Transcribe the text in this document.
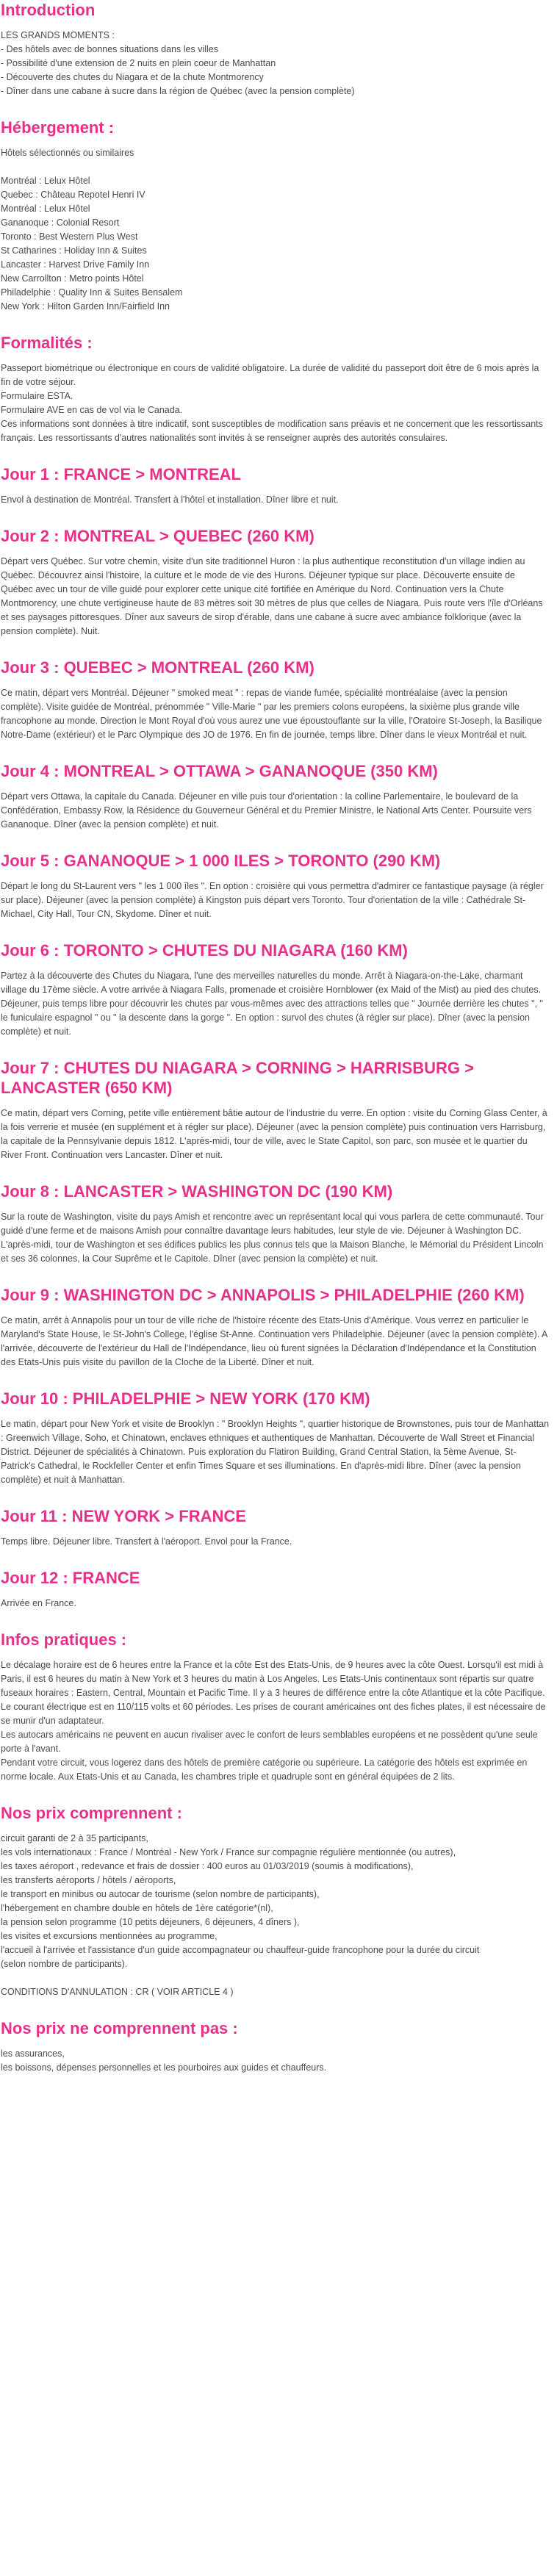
Introduction
LES GRANDS MOMENTS :
- Des hôtels avec de bonnes situations dans les villes
- Possibilité d'une extension de 2 nuits en plein coeur de Manhattan
- Découverte des chutes du Niagara et de la chute Montmorency
- Dîner dans une cabane à sucre dans la région de Québec (avec la pension complète)
Hébergement :
Hôtels sélectionnés ou similaires
Montréal : Lelux Hôtel
Quebec : Château Repotel Henri IV
Montréal : Lelux Hôtel
Gananoque : Colonial Resort
Toronto : Best Western Plus West
St Catharines : Holiday Inn & Suites
Lancaster : Harvest Drive Family Inn
New Carrollton : Metro points Hôtel
Philadelphie : Quality Inn & Suites Bensalem
New York : Hilton Garden Inn/Fairfield Inn
Formalités :

Passeport biométrique ou électronique en cours de validité obligatoire. La durée de validité du passeport doit être de 6 mois après la fin de votre séjour.

Formulaire ESTA.

Formulaire AVE en cas de vol via le Canada.

Ces informations sont données à titre indicatif, sont susceptibles de modification sans préavis et ne concernent que les ressortissants français. Les ressortissants d'autres nationalités sont invités à se renseigner auprès des autorités consulaires.

Jour 1 : FRANCE > MONTREAL

Envol à destination de Montréal. Transfert à l'hôtel et installation. Dîner libre et nuit.

Jour 2 : MONTREAL > QUEBEC (260 KM)

Départ vers Québec. Sur votre chemin, visite d'un site traditionnel Huron : la plus authentique reconstitution d'un village indien au Québec. Découvrez ainsi l'histoire, la culture et le mode de vie des Hurons. Déjeuner typique sur place. Découverte ensuite de Québec avec un tour de ville guidé pour explorer cette unique cité fortifiée en Amérique du Nord. Continuation vers la Chute Montmorency, une chute vertigineuse haute de 83 mètres soit 30 mètres de plus que celles de Niagara. Puis route vers l'île d'Orléans et ses paysages pittoresques. Dîner aux saveurs de sirop d'érable, dans une cabane à sucre avec ambiance folklorique (avec la pension complète). Nuit.

Jour 3 : QUEBEC > MONTREAL (260 KM)

Ce matin, départ vers Montréal. Déjeuner " smoked meat " : repas de viande fumée, spécialité montréalaise (avec la pension complète). Visite guidée de Montréal, prénommée " Ville-Marie " par les premiers colons européens, la sixième plus grande ville francophone au monde. Direction le Mont Royal d'où vous aurez une vue époustouflante sur la ville, l'Oratoire St-Joseph, la Basilique Notre-Dame (extérieur) et le Parc Olympique des JO de 1976. En fin de journée, temps libre. Dîner dans le vieux Montréal et nuit.

Jour 4 : MONTREAL > OTTAWA > GANANOQUE (350 KM)

Départ vers Ottawa, la capitale du Canada. Déjeuner en ville puis tour d'orientation : la colline Parlementaire, le boulevard de la Confédération, Embassy Row, la Résidence du Gouverneur Général et du Premier Ministre, le National Arts Center. Poursuite vers Gananoque. Dîner (avec la pension complète) et nuit.

Jour 5 : GANANOQUE > 1 000 ILES > TORONTO (290 KM)

Départ le long du St-Laurent vers " les 1 000 îles ". En option : croisière qui vous permettra d'admirer ce fantastique paysage (à régler sur place). Déjeuner (avec la pension complète) à Kingston puis départ vers Toronto. Tour d'orientation de la ville : Cathédrale St-Michael, City Hall, Tour CN, Skydome. Dîner et nuit.

Jour 6 : TORONTO > CHUTES DU NIAGARA (160 KM)

Partez à la découverte des Chutes du Niagara, l'une des merveilles naturelles du monde. Arrêt à Niagara-on-the-Lake, charmant village du 17ème siècle. A votre arrivée à Niagara Falls, promenade et croisière Hornblower (ex Maid of the Mist) au pied des chutes. Déjeuner, puis temps libre pour découvrir les chutes par vous-mêmes avec des attractions telles que " Journée derrière les chutes ", " le funiculaire espagnol " ou " la descente dans la gorge ". En option : survol des chutes (à régler sur place). Dîner (avec la pension complète) et nuit.

Jour 7 : CHUTES DU NIAGARA > CORNING > HARRISBURG > LANCASTER (650 KM)

Ce matin, départ vers Corning, petite ville entièrement bâtie autour de l'industrie du verre. En option : visite du Corning Glass Center, à la fois verrerie et musée (en supplément et à régler sur place). Déjeuner (avec la pension complète) puis continuation vers Harrisburg, la capitale de la Pennsylvanie depuis 1812. L'après-midi, tour de ville, avec le State Capitol, son parc, son musée et le quartier du River Front. Continuation vers Lancaster. Dîner et nuit.

Jour 8 : LANCASTER > WASHINGTON DC (190 KM)

Sur la route de Washington, visite du pays Amish et rencontre avec un représentant local qui vous parlera de cette communauté. Tour guidé d'une ferme et de maisons Amish pour connaître davantage leurs habitudes, leur style de vie. Déjeuner à Washington DC. L'après-midi, tour de Washington et ses édifices publics les plus connus tels que la Maison Blanche, le Mémorial du Président Lincoln et ses 36 colonnes, la Cour Suprême et le Capitole. Dîner (avec pension la complète) et nuit.

Jour 9 : WASHINGTON DC > ANNAPOLIS > PHILADELPHIE (260 KM)

Ce matin, arrêt à Annapolis pour un tour de ville riche de l'histoire récente des Etats-Unis d'Amérique. Vous verrez en particulier le Maryland's State House, le St-John's College, l'église St-Anne. Continuation vers Philadelphie. Déjeuner (avec la pension complète). A l'arrivée, découverte de l'extérieur du Hall de l'Indépendance, lieu où furent signées la Déclaration d'Indépendance et la Constitution des Etats-Unis puis visite du pavillon de la Cloche de la Liberté. Dîner et nuit.

Jour 10 : PHILADELPHIE > NEW YORK (170 KM)

Le matin, départ pour New York et visite de Brooklyn : " Brooklyn Heights ", quartier historique de Brownstones, puis tour de Manhattan : Greenwich Village, Soho, et Chinatown, enclaves ethniques et authentiques de Manhattan. Découverte de Wall Street et Financial District. Déjeuner de spécialités à Chinatown. Puis exploration du Flatiron Building, Grand Central Station, la 5ème Avenue, St-Patrick's Cathedral, le Rockfeller Center et enfin Times Square et ses illuminations. En d'après-midi libre. Dîner (avec la pension complète) et nuit à Manhattan.

Jour 11 : NEW YORK > FRANCE

Temps libre. Déjeuner libre. Transfert à l'aéroport. Envol pour la France.

Jour 12 : FRANCE

Arrivée en France.

Infos pratiques :

Le décalage horaire est de 6 heures entre la France et la côte Est des Etats-Unis, de 9 heures avec la côte Ouest. Lorsqu'il est midi à Paris, il est 6 heures du matin à New York et 3 heures du matin à Los Angeles. Les Etats-Unis continentaux sont répartis sur quatre fuseaux horaires : Eastern, Central, Mountain et Pacific Time. Il y a 3 heures de différence entre la côte Atlantique et la côte Pacifique.

Le courant électrique est en 110/115 volts et 60 périodes. Les prises de courant américaines ont des fiches plates, il est nécessaire de se munir d'un adaptateur.

Les autocars américains ne peuvent en aucun rivaliser avec le confort de leurs semblables européens et ne possèdent qu'une seule porte à l'avant.

Pendant votre circuit, vous logerez dans des hôtels de première catégorie ou supérieure. La catégorie des hôtels est exprimée en norme locale. Aux Etats-Unis et au Canada, les chambres triple et quadruple sont en général équipées de 2 lits.

Nos prix comprennent :
circuit garanti de 2 à 35 participants,
les vols internationaux : France / Montréal - New York / France sur compagnie régulière mentionnée (ou autres),
les taxes aéroport , redevance et frais de dossier : 400 euros au 01/03/2019 (soumis à modifications),
les transferts aéroports / hôtels / aéroports,
le transport en minibus ou autocar de tourisme (selon nombre de participants),
l'hébergement en chambre double en hôtels de 1ère catégorie*(nl),
la pension selon programme (10 petits déjeuners, 6 déjeuners, 4 dîners ),
les visites et excursions mentionnées au programme,
l'accueil à l'arrivée et l'assistance d'un guide accompagnateur ou chauffeur-guide francophone pour la durée du circuit
(selon nombre de participants).
CONDITIONS D'ANNULATION : CR ( VOIR ARTICLE 4 )
Nos prix ne comprennent pas :
les assurances,
les boissons, dépenses personnelles et les pourboires aux guides et chauffeurs.
